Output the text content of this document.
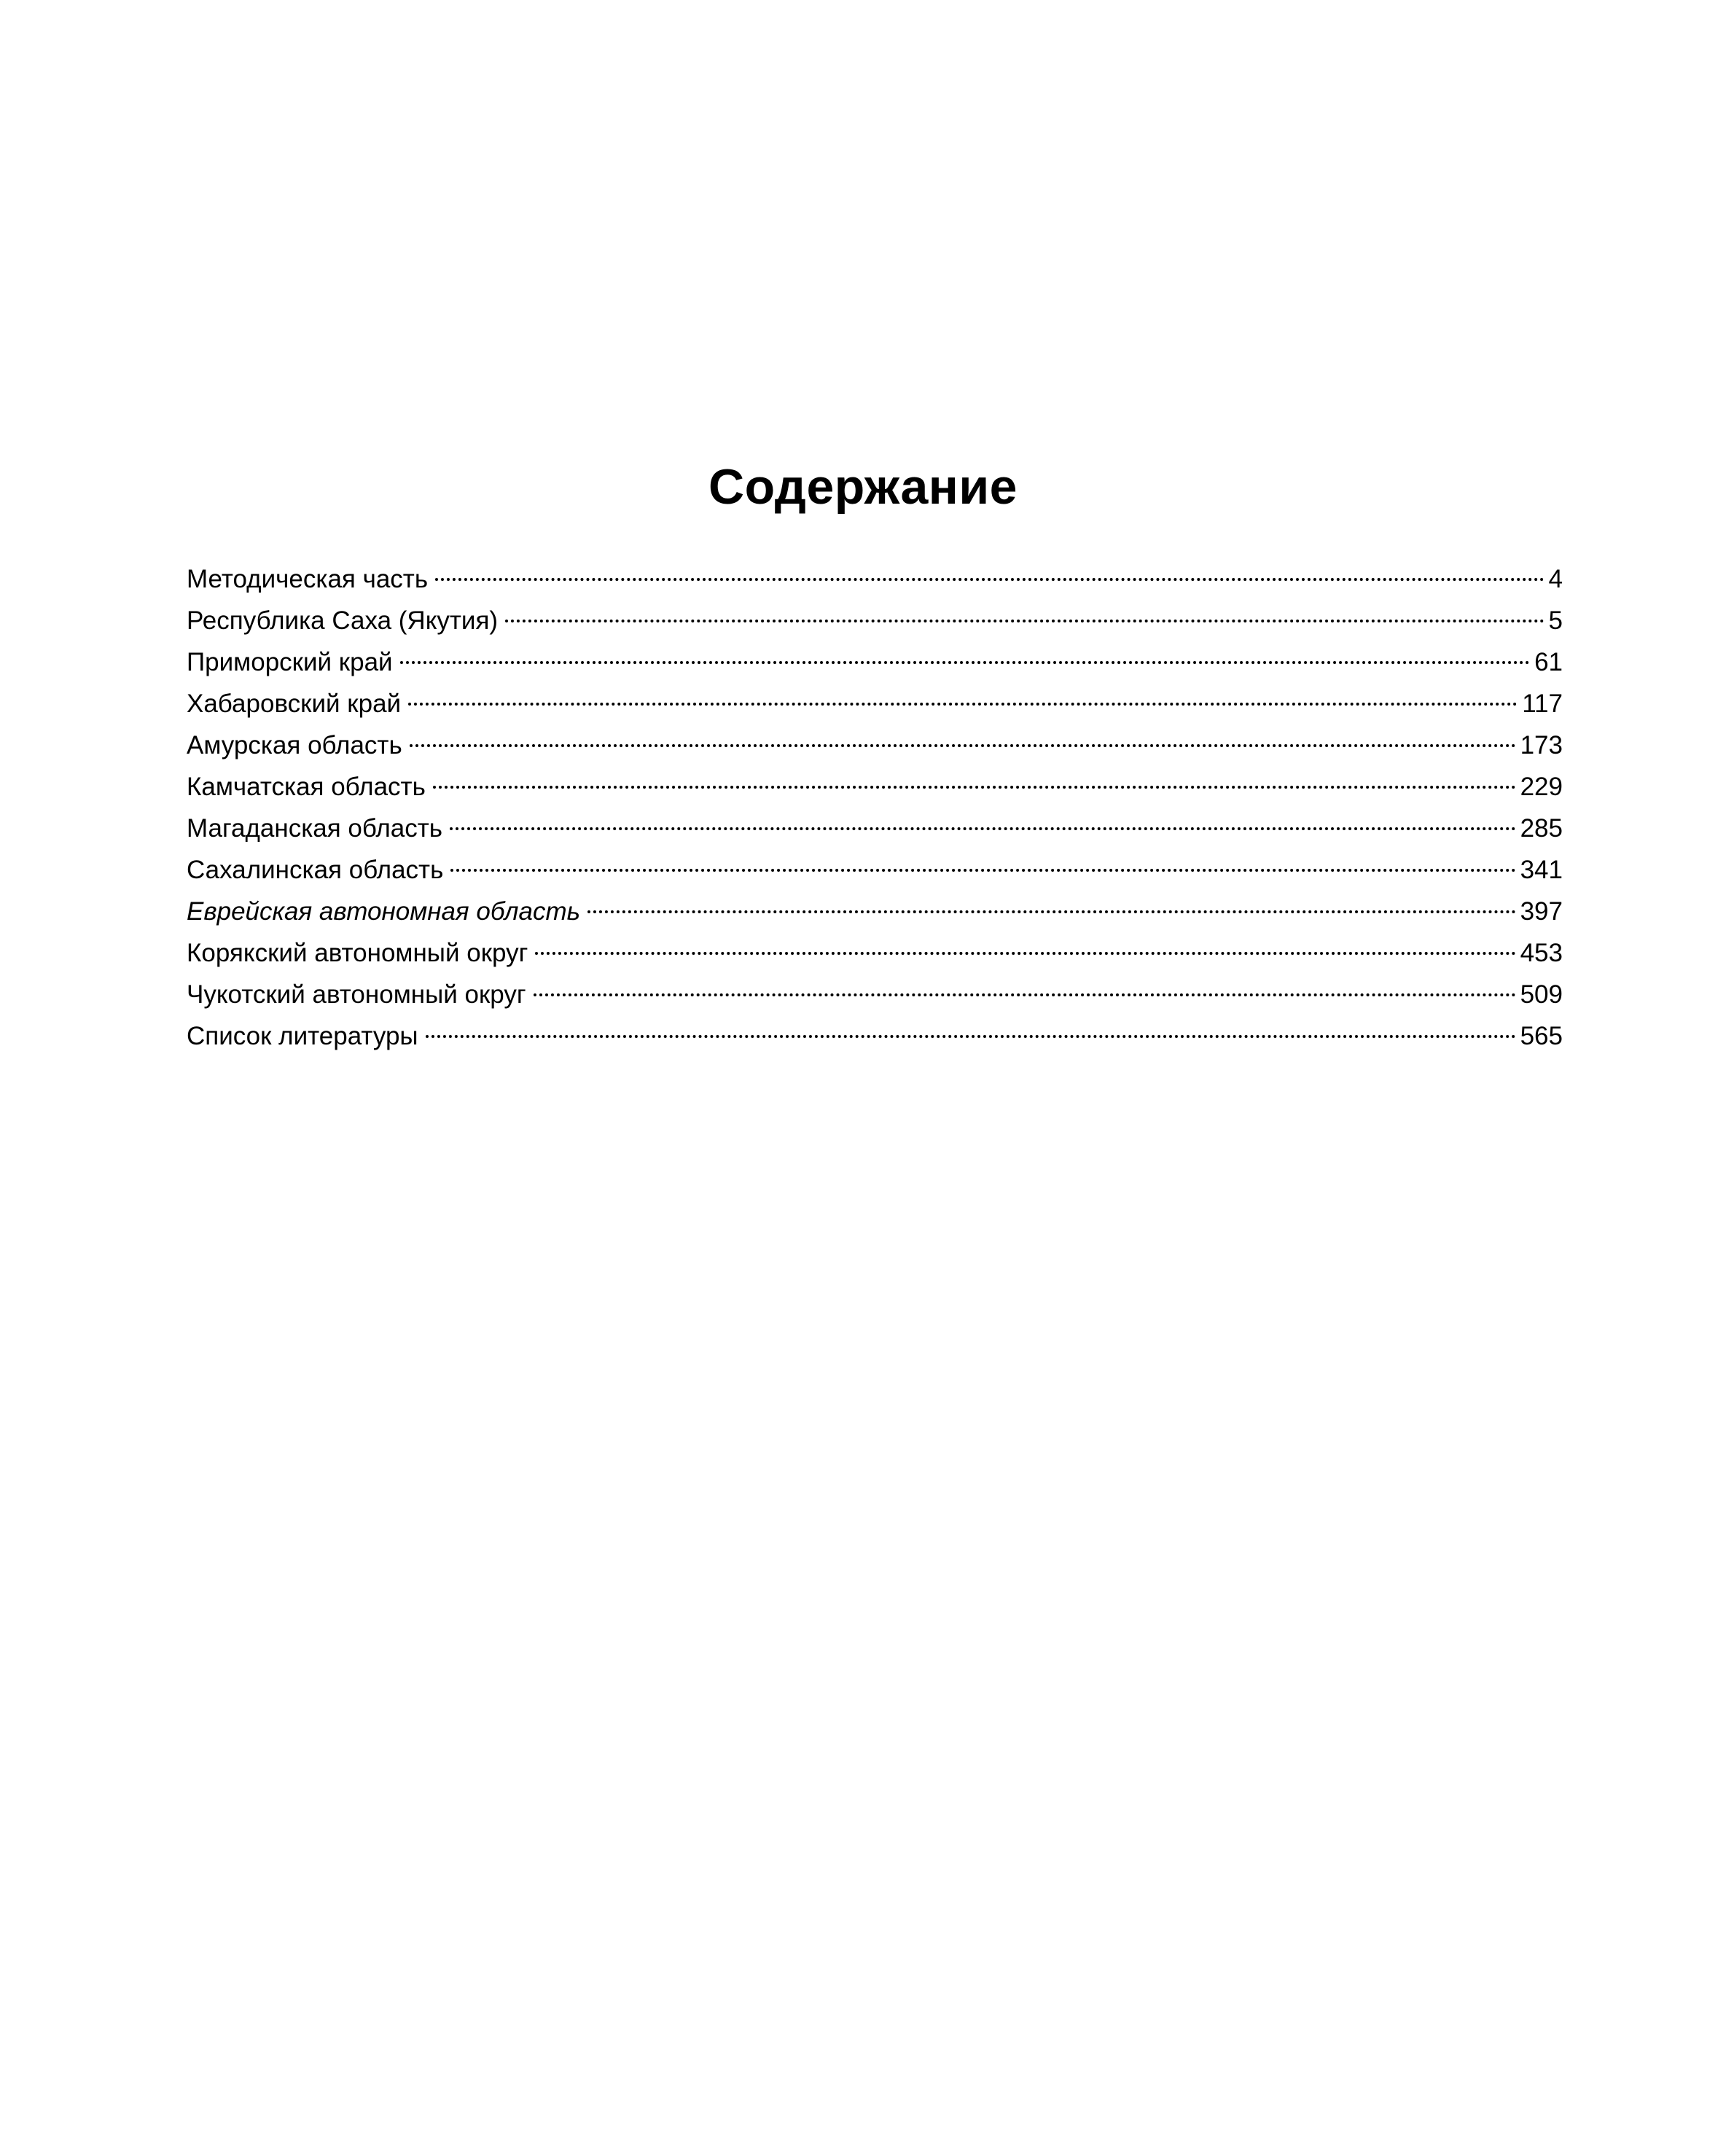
Содержание
Методическая часть	4
Республика Саха (Якутия)	5
Приморский край	61
Хабаровский край	117
Амурская область	173
Камчатская область	229
Магаданская область	285
Сахалинская область	341
Еврейская автономная область	397
Корякский автономный округ	453
Чукотский автономный округ	509
Список литературы	565
